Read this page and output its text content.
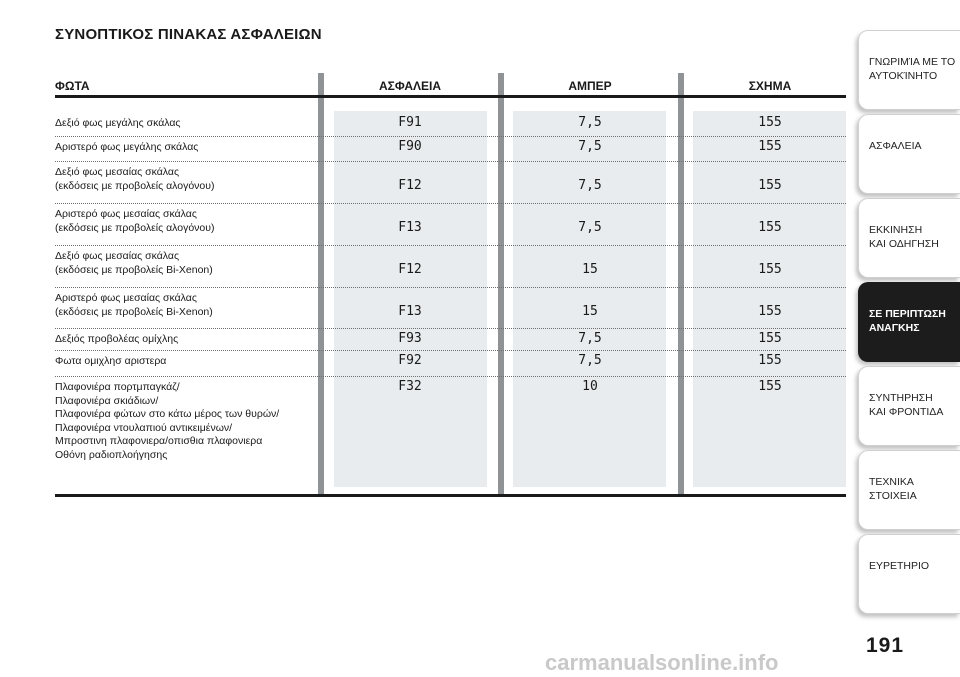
ΣΥΝΟΠΤΙΚΟΣ ΠΙΝΑΚΑΣ ΑΣΦΑΛΕΙΩΝ
ΦΩΤΑ	ΑΣΦΑΛΕΙΑ	ΑΜΠΕΡ	ΣΧΗΜΑ
Δεξιό φως μεγάλης σκάλας	F91	7,5	155
Αριστερό φως μεγάλης σκάλας	F90	7,5	155
Δεξιό φως μεσαίας σκάλας
(εκδόσεις με προβολείς αλογόνου)	F12	7,5	155
Αριστερό φως μεσαίας σκάλας
(εκδόσεις με προβολείς αλογόνου)	F13	7,5	155
Δεξιό φως μεσαίας σκάλας
(εκδόσεις με προβολείς Bi-Xenon)	F12	15	155
Αριστερό φως μεσαίας σκάλας
(εκδόσεις με προβολείς Bi-Xenon)	F13	15	155
Δεξιός προβολέας ομίχλης	F93	7,5	155
Φωτα ομιχλησ αριστερα	F92	7,5	155
Πλαφονιέρα πορτμπαγκάζ/
Πλαφονιέρα σκιάδιων/
Πλαφονιέρα φώτων στο κάτω μέρος των θυρών/
Πλαφονιέρα ντουλαπιού αντικειμένων/
Μπροστινη πλαφονιερα/οπισθια πλαφονιερα
Οθόνη ραδιοπλοήγησης
F32	10	155
ΓΝΩΡΙΜΊΑ ΜΕ ΤΟ
ΑΥΤΟΚΊΝΗΤΟ
ΑΣΦΑΛΕΙΑ
ΕΚΚΙΝΗΣΗ
ΚΑΙ ΟΔΗΓΗΣΗ
ΣΕ ΠΕΡΙΠΤΩΣΗ
ΑΝΑΓΚΗΣ
ΣΥΝΤΗΡΗΣΗ
ΚΑΙ ΦΡΟΝΤΙΔΑ
ΤΕΧΝΙΚΑ
ΣΤΟΙΧΕΙΑ
ΕΥΡΕΤΗΡΙΟ
191
carmanualsonline.info
